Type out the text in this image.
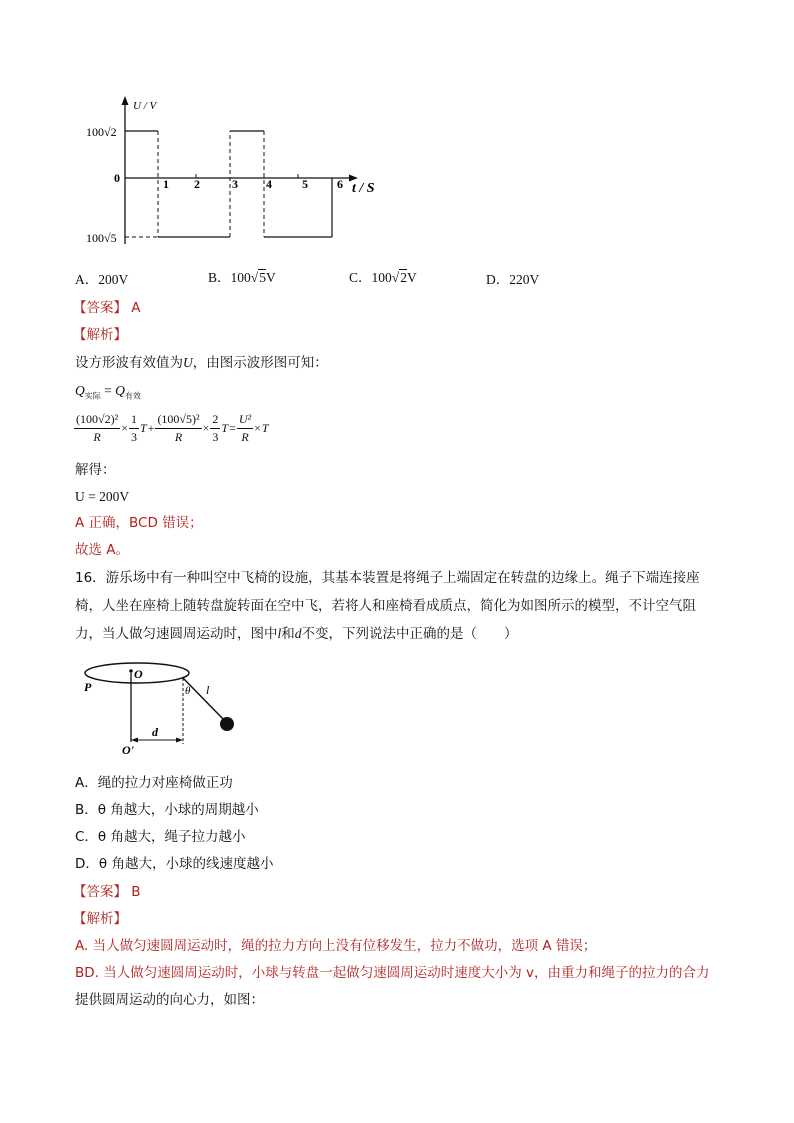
U / V
0	1 2	3 4	5 6 t / S
100√2
100√5
A．200V	B．100√5V	C．100√2V	D．220V
【答案】 A
【解析】
设方形波有效值为U，由图示波形图可知：
$Q_{实际} = Q_{有效}$
$\frac{\text{(100√2)²}}{R} \times \frac{1}{3}$ $T + \frac{\text{(100√5)²}}{R} \times \frac{2}{3}$ $T = \frac{\text{U²}}{R} \times T$
解得：
U = 200V
A 正确，BCD 错误；
故选 A。
16．游乐场中有一种叫空中飞椅的设施，其基本装置是将绳子上端固定在转盘的边缘上。绳子下端连接座
椅，人坐在座椅上随转盘旋转面在空中飞，若将人和座椅看成质点，简化为如图所示的模型，不计空气阻
力，当人做匀速圆周运动时，图中l和d不变，下列说法中正确的是（　　）
O
P	θ l
d
O'
A．绳的拉力对座椅做正功
B．θ 角越大，小球的周期越小
C．θ 角越大，绳子拉力越小
D．θ 角越大，小球的线速度越小
【答案】 B
【解析】
A. 当人做匀速圆周运动时，绳的拉力方向上没有位移发生，拉力不做功，选项 A 错误；
BD. 当人做匀速圆周运动时，小球与转盘一起做匀速圆周运动时速度大小为 v，由重力和绳子的拉力的合力
提供圆周运动的向心力，如图：
